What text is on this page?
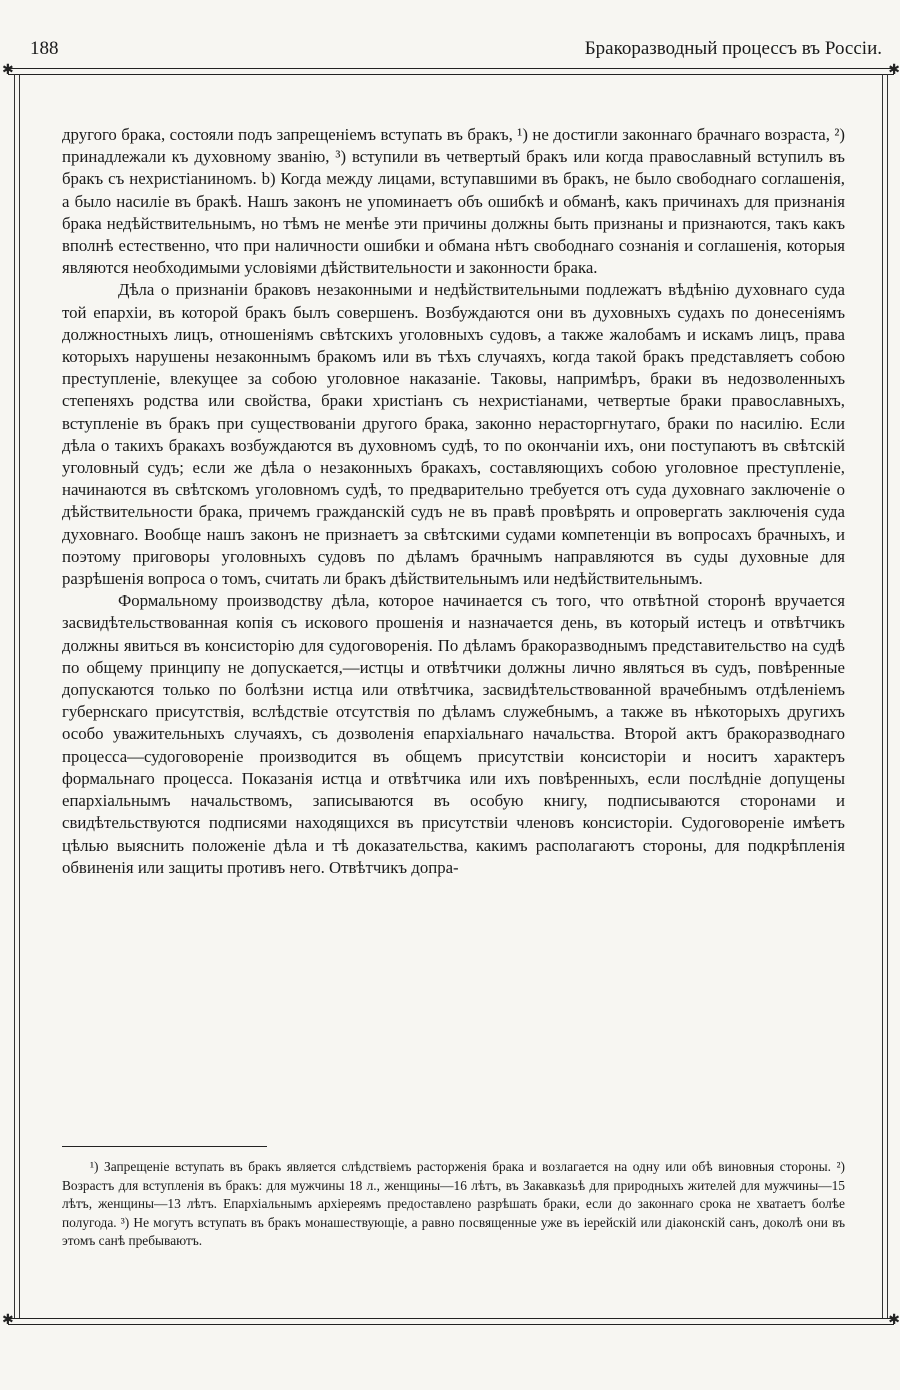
188	Бракоразводный процессъ въ Россіи.
✱	✱
✱	✱

другого брака, состояли подъ запрещеніемъ вступать въ бракъ, ¹) не достигли законнаго брачнаго возраста, ²) принадлежали къ духовному званію, ³) вступили въ четвертый бракъ или когда православный вступилъ въ бракъ съ нехристіаниномъ. b) Когда между лицами, вступавшими въ бракъ, не было свободнаго соглашенія, а было насиліе въ бракѣ. Нашъ законъ не упоминаетъ объ ошибкѣ и обманѣ, какъ причинахъ для признанія брака недѣйствительнымъ, но тѣмъ не менѣе эти причины должны быть признаны и признаются, такъ какъ вполнѣ естественно, что при наличности ошибки и обмана нѣтъ свободнаго сознанія и соглашенія, которыя являются необходимыми условіями дѣйствительности и законности брака.

Дѣла о признаніи браковъ незаконными и недѣйствительными подлежатъ вѣдѣнію духовнаго суда той епархіи, въ которой бракъ былъ совершенъ. Возбуждаются они въ духовныхъ судахъ по донесеніямъ должностныхъ лицъ, отношеніямъ свѣтскихъ уголовныхъ судовъ, а также жалобамъ и искамъ лицъ, права которыхъ нарушены незаконнымъ бракомъ или въ тѣхъ случаяхъ, когда такой бракъ представляетъ собою преступленіе, влекущее за собою уголовное наказаніе. Таковы, напримѣръ, браки въ недозволенныхъ степеняхъ родства или свойства, браки христіанъ съ нехристіанами, четвертые браки православныхъ, вступленіе въ бракъ при существованіи другого брака, законно нерасторгнутаго, браки по насилію. Если дѣла о такихъ бракахъ возбуждаются въ духовномъ судѣ, то по окончаніи ихъ, они поступаютъ въ свѣтскій уголовный судъ; если же дѣла о незаконныхъ бракахъ, составляющихъ собою уголовное преступленіе, начинаются въ свѣтскомъ уголовномъ судѣ, то предварительно требуется отъ суда духовнаго заключеніе о дѣйствительности брака, причемъ гражданскій судъ не въ правѣ провѣрять и опровергать заключенія суда духовнаго. Вообще нашъ законъ не признаетъ за свѣтскими судами компетенціи въ вопросахъ брачныхъ, и поэтому приговоры уголовныхъ судовъ по дѣламъ брачнымъ направляются въ суды духовные для разрѣшенія вопроса о томъ, считать ли бракъ дѣйствительнымъ или недѣйствительнымъ.

Формальному производству дѣла, которое начинается съ того, что отвѣтной сторонѣ вручается засвидѣтельствованная копія съ искового прошенія и назначается день, въ который истецъ и отвѣтчикъ должны явиться въ консисторію для судоговоренія. По дѣламъ бракоразводнымъ представительство на судѣ по общему принципу не допускается,—истцы и отвѣтчики должны лично являться въ судъ, повѣренные допускаются только по болѣзни истца или отвѣтчика, засвидѣтельствованной врачебнымъ отдѣленіемъ губернскаго присутствія, вслѣдствіе отсутствія по дѣламъ служебнымъ, а также въ нѣкоторыхъ другихъ особо уважительныхъ случаяхъ, съ дозволенія епархіальнаго начальства. Второй актъ бракоразводнаго процесса—судоговореніе производится въ общемъ присутствіи консисторіи и носитъ характеръ формальнаго процесса. Показанія истца и отвѣтчика или ихъ повѣренныхъ, если послѣдніе допущены епархіальнымъ начальствомъ, записываются въ особую книгу, подписываются сторонами и свидѣтельствуются подписями находящихся въ присутствіи членовъ консисторіи. Судоговореніе имѣетъ цѣлью выяснить положеніе дѣла и тѣ доказательства, какимъ располагаютъ стороны, для подкрѣпленія обвиненія или защиты противъ него. Отвѣтчикъ допра-

¹) Запрещеніе вступать въ бракъ является слѣдствіемъ расторженія брака и возлагается на одну или обѣ виновныя стороны. ²) Возрастъ для вступленія въ бракъ: для мужчины 18 л., женщины—16 лѣтъ, въ Закавказьѣ для природныхъ жителей для мужчины—15 лѣтъ, женщины—13 лѣтъ. Епархіальнымъ архіереямъ предоставлено разрѣшать браки, если до законнаго срока не хватаетъ болѣе полугода. ³) Не могутъ вступать въ бракъ монашествующіе, а равно посвященные уже въ іерейскій или діаконскій санъ, доколѣ они въ этомъ санѣ пребываютъ.
